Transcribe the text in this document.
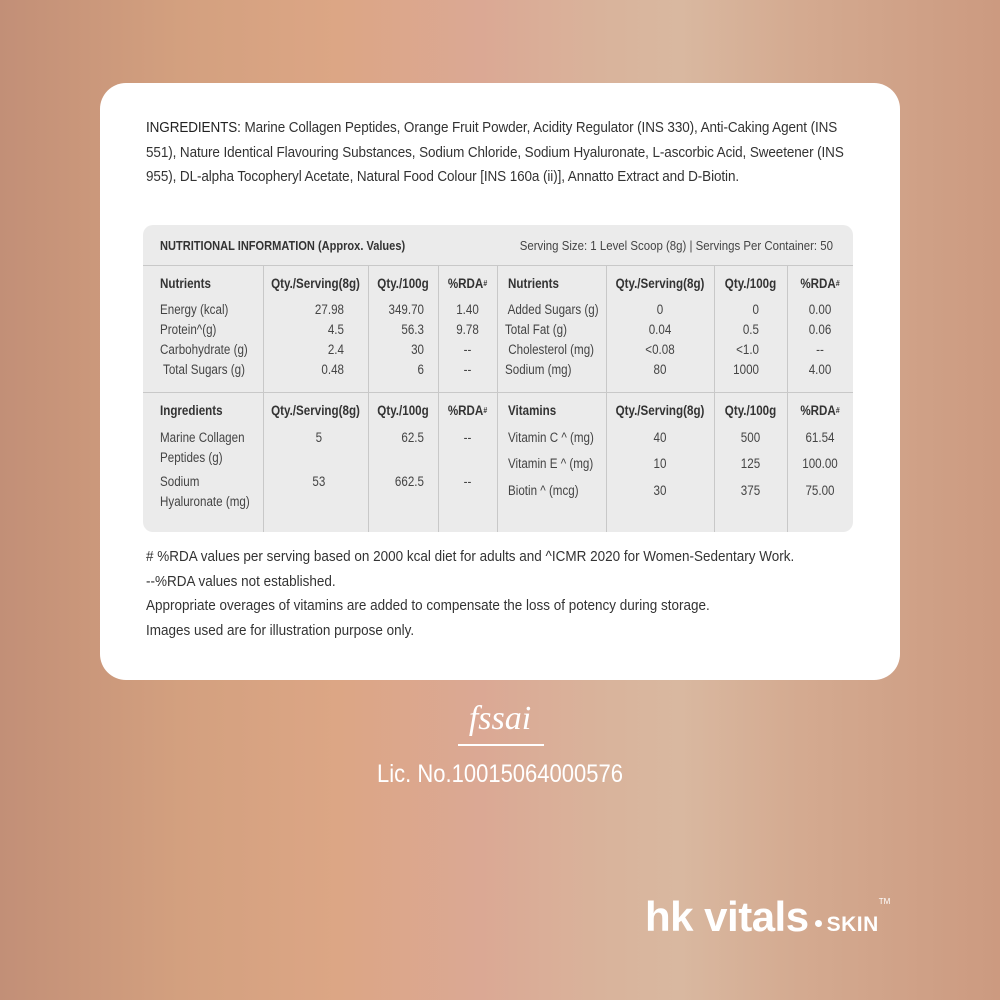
INGREDIENTS: Marine Collagen Peptides, Orange Fruit Powder, Acidity Regulator (INS 330), Anti-Caking Agent (INS 551), Nature Identical Flavouring Substances, Sodium Chloride, Sodium Hyaluronate, L-ascorbic Acid, Sweetener (INS 955), DL-alpha Tocopheryl Acetate, Natural Food Colour [INS 160a (ii)], Annatto Extract and D-Biotin.
NUTRITIONAL INFORMATION (Approx. Values)	Serving Size: 1 Level Scoop (8g) | Servings Per Container: 50
Nutrients	Qty./Serving(8g)	Qty./100g	%RDA#
Energy (kcal)	27.98	349.70	1.40
Protein^(g)	4.5	56.3	9.78
Carbohydrate (g)	2.4	30	--
Total Sugars (g)	0.48	6	--
Nutrients	Qty./Serving(8g)	Qty./100g	%RDA#
Added Sugars (g)	0	0	0.00
Total Fat (g)	0.04	0.5	0.06
Cholesterol (mg)	<0.08	<1.0	--
Sodium (mg)	80	1000	4.00
Ingredients	Qty./Serving(8g)	Qty./100g	%RDA#
Marine Collagen
Peptides (g)
5	62.5	--
Sodium
Hyaluronate (mg)
53	662.5	--
Vitamins	Qty./Serving(8g)	Qty./100g	%RDA#
Vitamin C ^ (mg)	40	500	61.54
Vitamin E ^ (mg)	10	125	100.00
Biotin ^ (mcg)	30	375	75.00
# %RDA values per serving based on 2000 kcal diet for adults and ^ICMR 2020 for Women-Sedentary Work.
--%RDA values not established.
Appropriate overages of vitamins are added to compensate the loss of potency during storage.
Images used are for illustration purpose only.
fssai
Lic. No.10015064000576
hk vitals SKIN™
